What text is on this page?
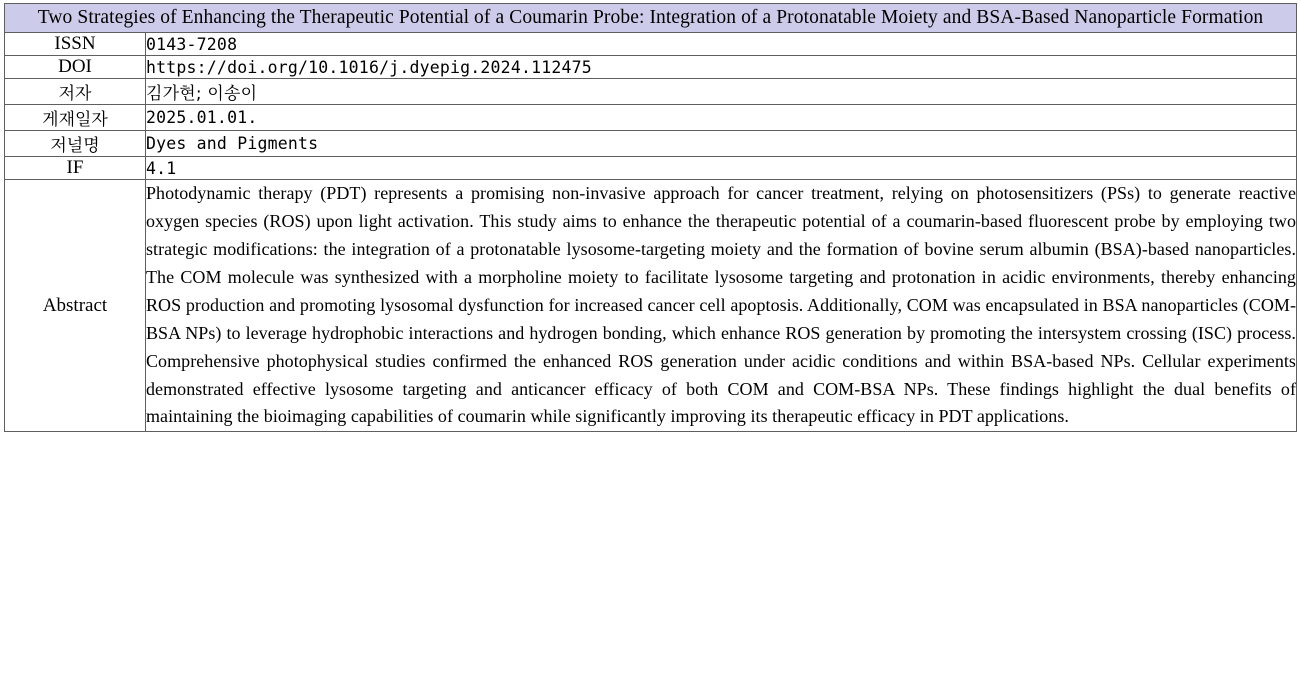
Two Strategies of Enhancing the Therapeutic Potential of a Coumarin Probe: Integration of a Protonatable Moiety and BSA-Based Nanoparticle Formation	
ISSN	0143-7208
DOI	https://doi.org/10.1016/j.dyepig.2024.112475
저자	김가현; 이송이
게재일자	2025.01.01.
저널명	Dyes and Pigments
IF	4.1
Abstract	Photodynamic therapy (PDT) represents a promising non-invasive approach for cancer treatment, relying on photosensitizers (PSs) to generate reactive oxygen species (ROS) upon light activation. This study aims to enhance the therapeutic potential of a coumarin-based fluorescent probe by employing two strategic modifications: the integration of a protonatable lysosome-targeting moiety and the formation of bovine serum albumin (BSA)-based nanoparticles. The COM molecule was synthesized with a morpholine moiety to facilitate lysosome targeting and protonation in acidic environments, thereby enhancing ROS production and promoting lysosomal dysfunction for increased cancer cell apoptosis. Additionally, COM was encapsulated in BSA nanoparticles (COM-BSA NPs) to leverage hydrophobic interactions and hydrogen bonding, which enhance ROS generation by promoting the intersystem crossing (ISC) process. Comprehensive photophysical studies confirmed the enhanced ROS generation under acidic conditions and within BSA-based NPs. Cellular experiments demonstrated effective lysosome targeting and anticancer efficacy of both COM and COM-BSA NPs. These findings highlight the dual benefits of maintaining the bioimaging capabilities of coumarin while significantly improving its therapeutic efficacy in PDT applications.
